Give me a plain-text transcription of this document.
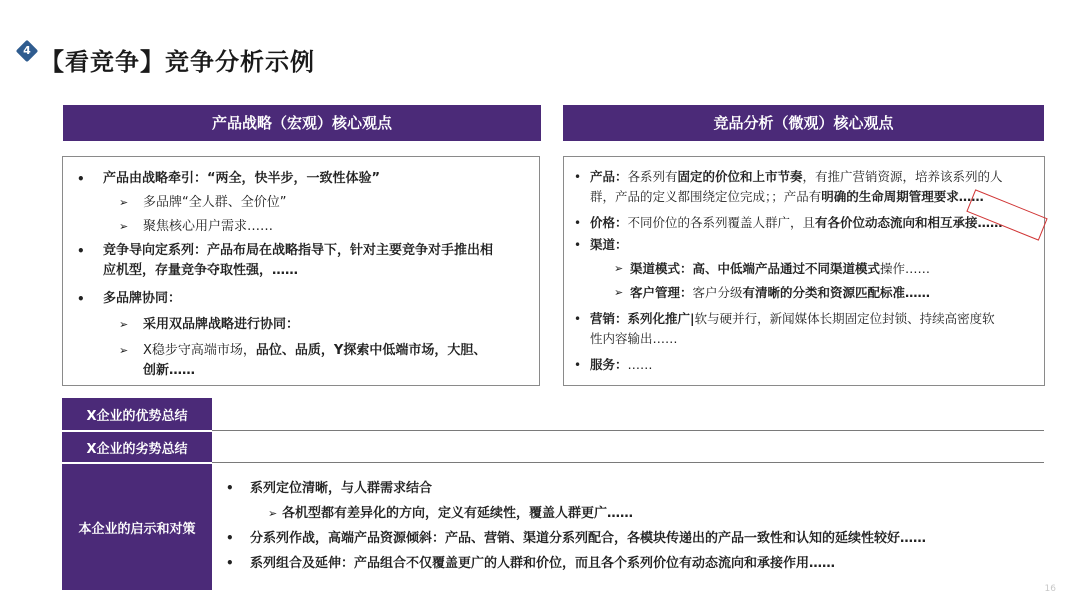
4 【看竞争】竞争分析示例
产品战略（宏观）核心观点
• 产品由战略牵引：“两全，快半步，一致性体验”
➢ 多品牌“全人群、全价位”
➢ 聚焦核心用户需求……
• 竞争导向定系列：产品布局在战略指导下，针对主要竞争对手推出相
应机型，存量竞争夺取性强，……
• 多品牌协同：
➢ 采用双品牌战略进行协同：
➢ X稳步守高端市场，品位、品质，Y探索中低端市场，大胆、
创新……
竞品分析（微观）核心观点
• 产品：各系列有固定的价位和上市节奏，有推广营销资源，培养该系列的人
群，产品的定义都围绕定位完成；；产品有明确的生命周期管理要求……
• 价格：不同价位的各系列覆盖人群广，且有各价位动态流向和相互承接……
• 渠道：
➢ 渠道模式：高、中低端产品通过不同渠道模式操作……
➢ 客户管理：客户分级有清晰的分类和资源匹配标准……
• 营销：系列化推广|软与硬并行，新闻媒体长期固定位封锁、持续高密度软
性内容输出……
• 服务：……
X企业的优势总结
X企业的劣势总结
本企业的启示和对策
• 系列定位清晰，与人群需求结合
➢ 各机型都有差异化的方向，定义有延续性，覆盖人群更广……
• 分系列作战，高端产品资源倾斜：产品、营销、渠道分系列配合，各模块传递出的产品一致性和认知的延续性较好……
• 系列组合及延伸：产品组合不仅覆盖更广的人群和价位，而且各个系列价位有动态流向和承接作用……
16
